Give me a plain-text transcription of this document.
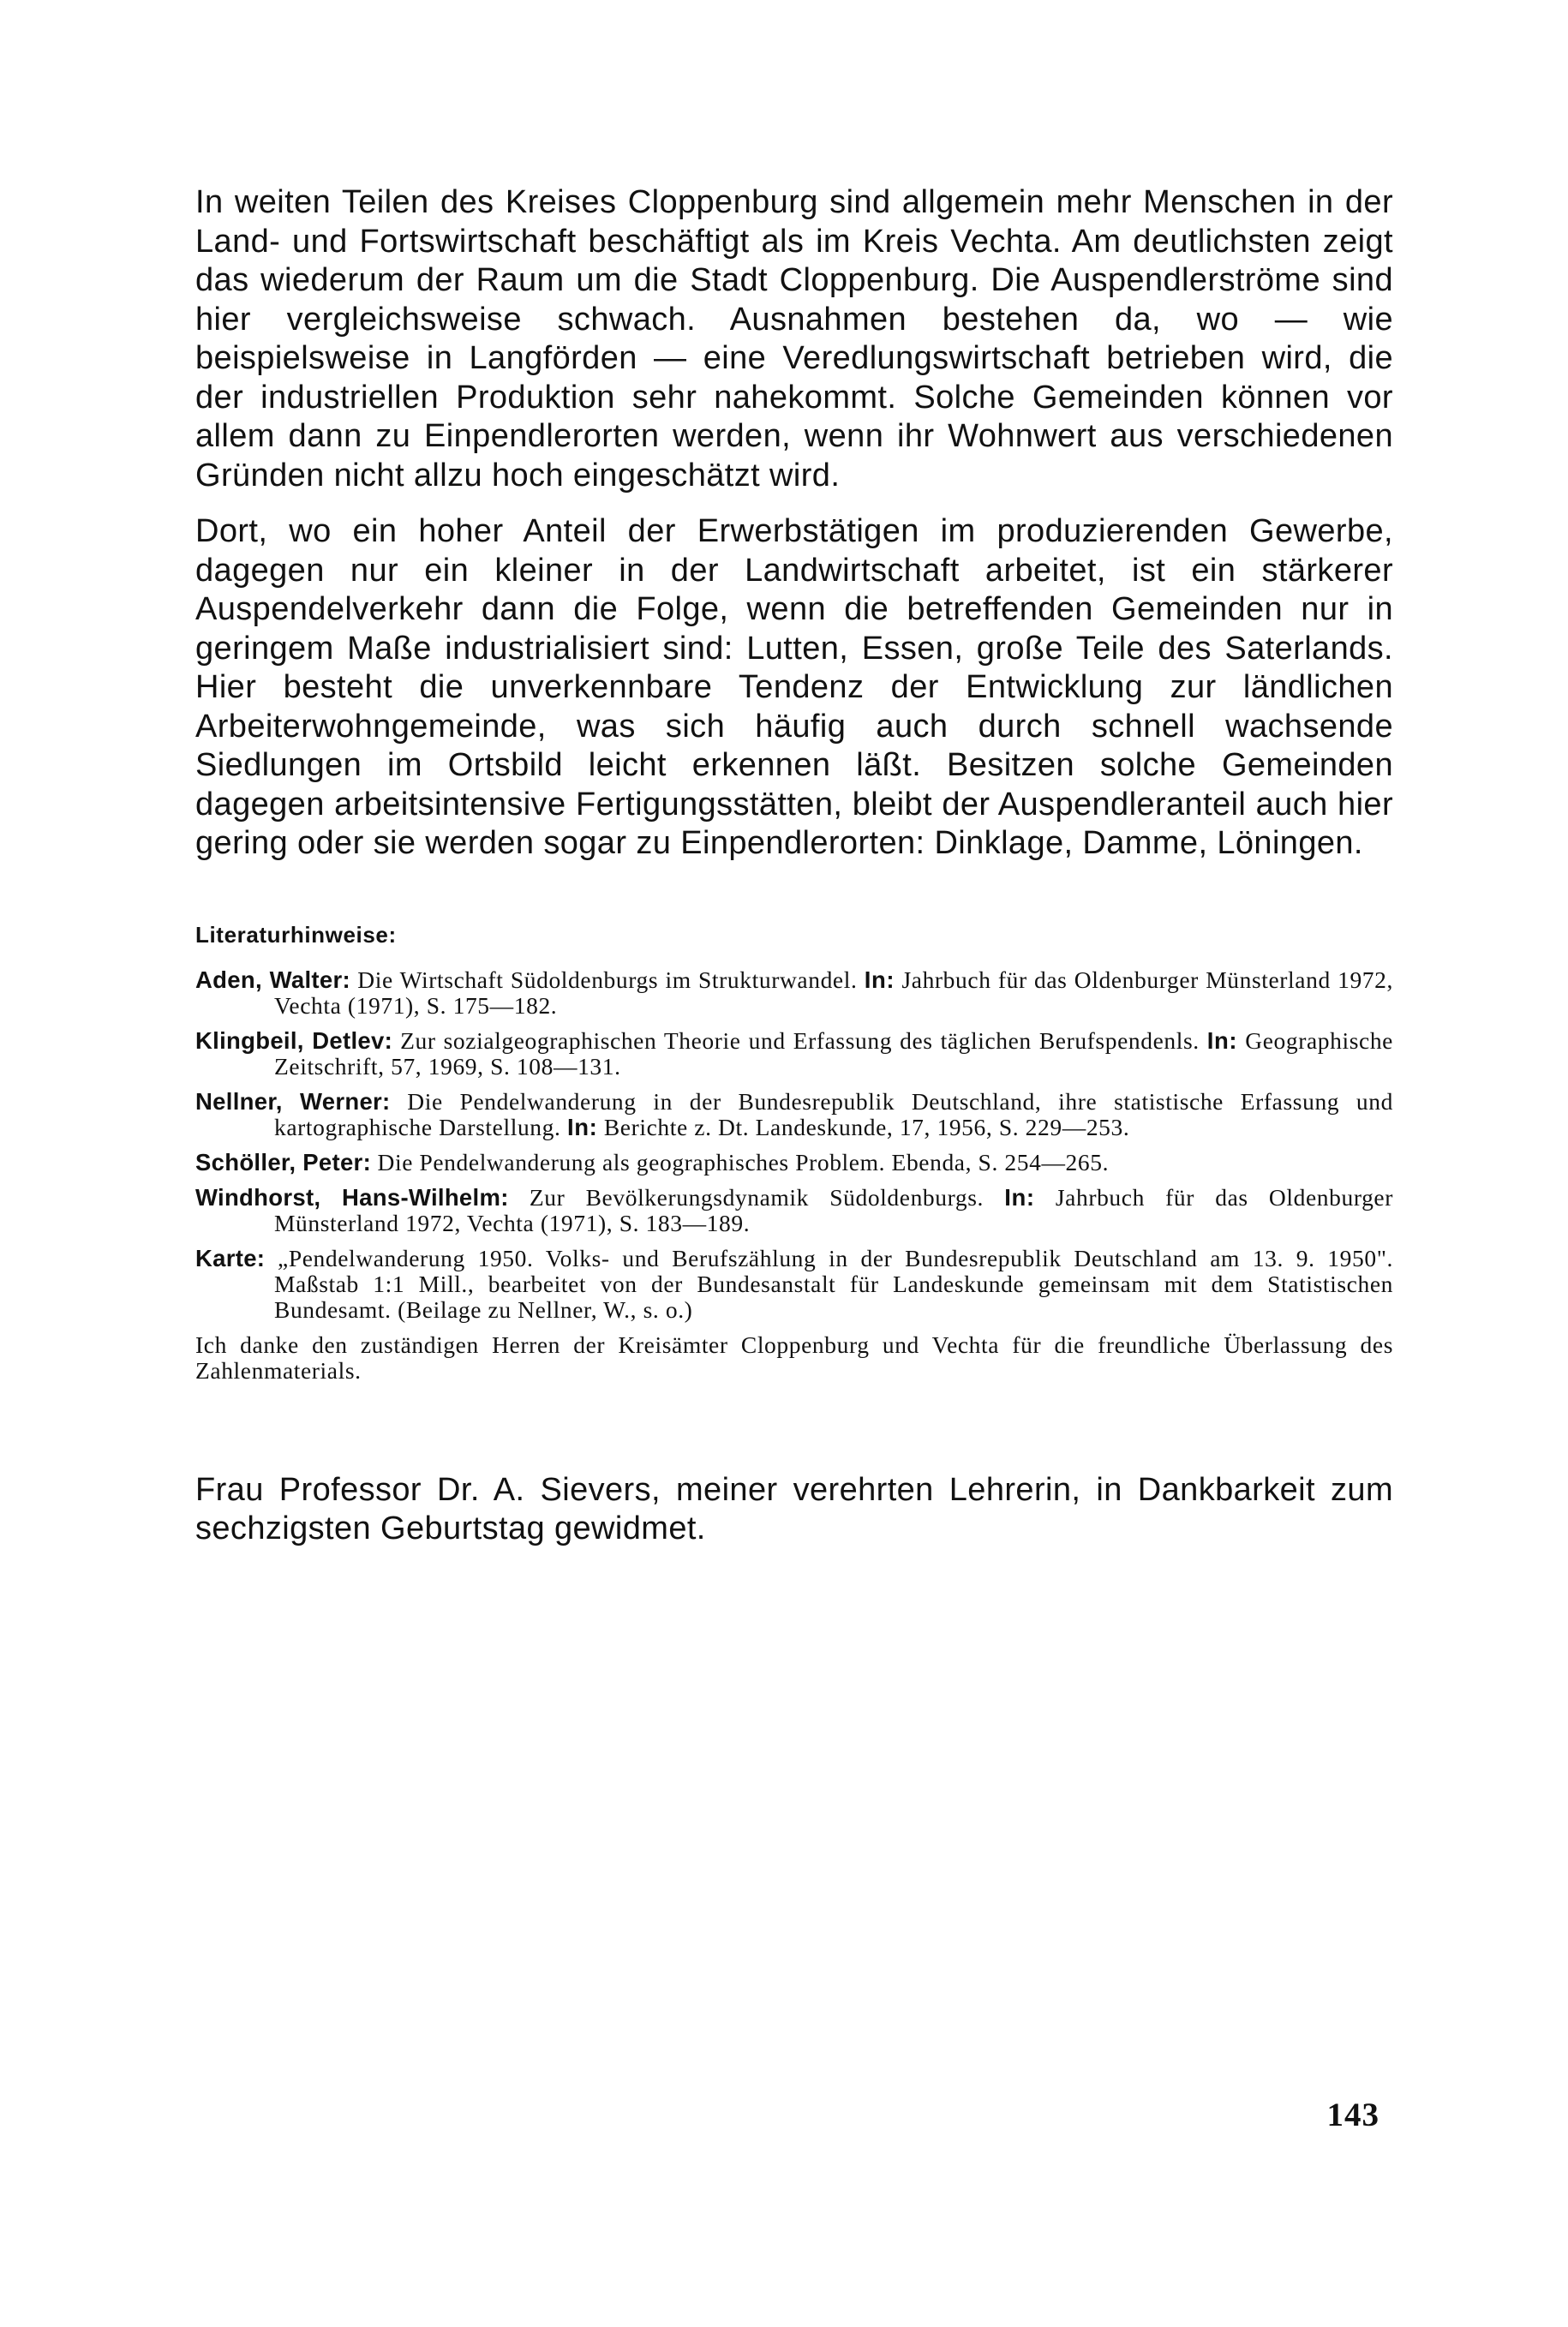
In weiten Teilen des Kreises Cloppenburg sind allgemein mehr Menschen in der Land- und Fortswirtschaft beschäftigt als im Kreis Vechta. Am deutlichsten zeigt das wiederum der Raum um die Stadt Cloppenburg. Die Auspendlerströme sind hier vergleichsweise schwach. Ausnahmen bestehen da, wo — wie beispielsweise in Langförden — eine Veredlungswirtschaft betrieben wird, die der industriellen Produktion sehr nahekommt. Solche Gemeinden können vor allem dann zu Einpendlerorten werden, wenn ihr Wohnwert aus verschiedenen Gründen nicht allzu hoch eingeschätzt wird.

Dort, wo ein hoher Anteil der Erwerbstätigen im produzierenden Gewerbe, dagegen nur ein kleiner in der Landwirtschaft arbeitet, ist ein stärkerer Auspendelverkehr dann die Folge, wenn die betreffenden Gemeinden nur in geringem Maße industrialisiert sind: Lutten, Essen, große Teile des Saterlands. Hier besteht die unverkennbare Tendenz der Entwicklung zur ländlichen Arbeiterwohngemeinde, was sich häufig auch durch schnell wachsende Siedlungen im Ortsbild leicht erkennen läßt. Besitzen solche Gemeinden dagegen arbeitsintensive Fertigungsstätten, bleibt der Auspendleranteil auch hier gering oder sie werden sogar zu Einpendlerorten: Dinklage, Damme, Löningen.

Literaturhinweise:

Aden, Walter: Die Wirtschaft Südoldenburgs im Strukturwandel. In: Jahrbuch für das Oldenburger Münsterland 1972, Vechta (1971), S. 175—182.

Klingbeil, Detlev: Zur sozialgeographischen Theorie und Erfassung des täglichen Berufspendenls. In: Geographische Zeitschrift, 57, 1969, S. 108—131.

Nellner, Werner: Die Pendelwanderung in der Bundesrepublik Deutschland, ihre statistische Erfassung und kartographische Darstellung. In: Berichte z. Dt. Landeskunde, 17, 1956, S. 229—253.

Schöller, Peter: Die Pendelwanderung als geographisches Problem. Ebenda, S. 254—265.

Windhorst, Hans-Wilhelm: Zur Bevölkerungsdynamik Südoldenburgs. In: Jahrbuch für das Oldenburger Münsterland 1972, Vechta (1971), S. 183—189.

Karte: „Pendelwanderung 1950. Volks- und Berufszählung in der Bundesrepublik Deutschland am 13. 9. 1950". Maßstab 1:1 Mill., bearbeitet von der Bundesanstalt für Landeskunde gemeinsam mit dem Statistischen Bundesamt. (Beilage zu Nellner, W., s. o.)

Ich danke den zuständigen Herren der Kreisämter Cloppenburg und Vechta für die freundliche Überlassung des Zahlenmaterials.

Frau Professor Dr. A. Sievers, meiner verehrten Lehrerin, in Dankbarkeit zum sechzigsten Geburtstag gewidmet.

143
